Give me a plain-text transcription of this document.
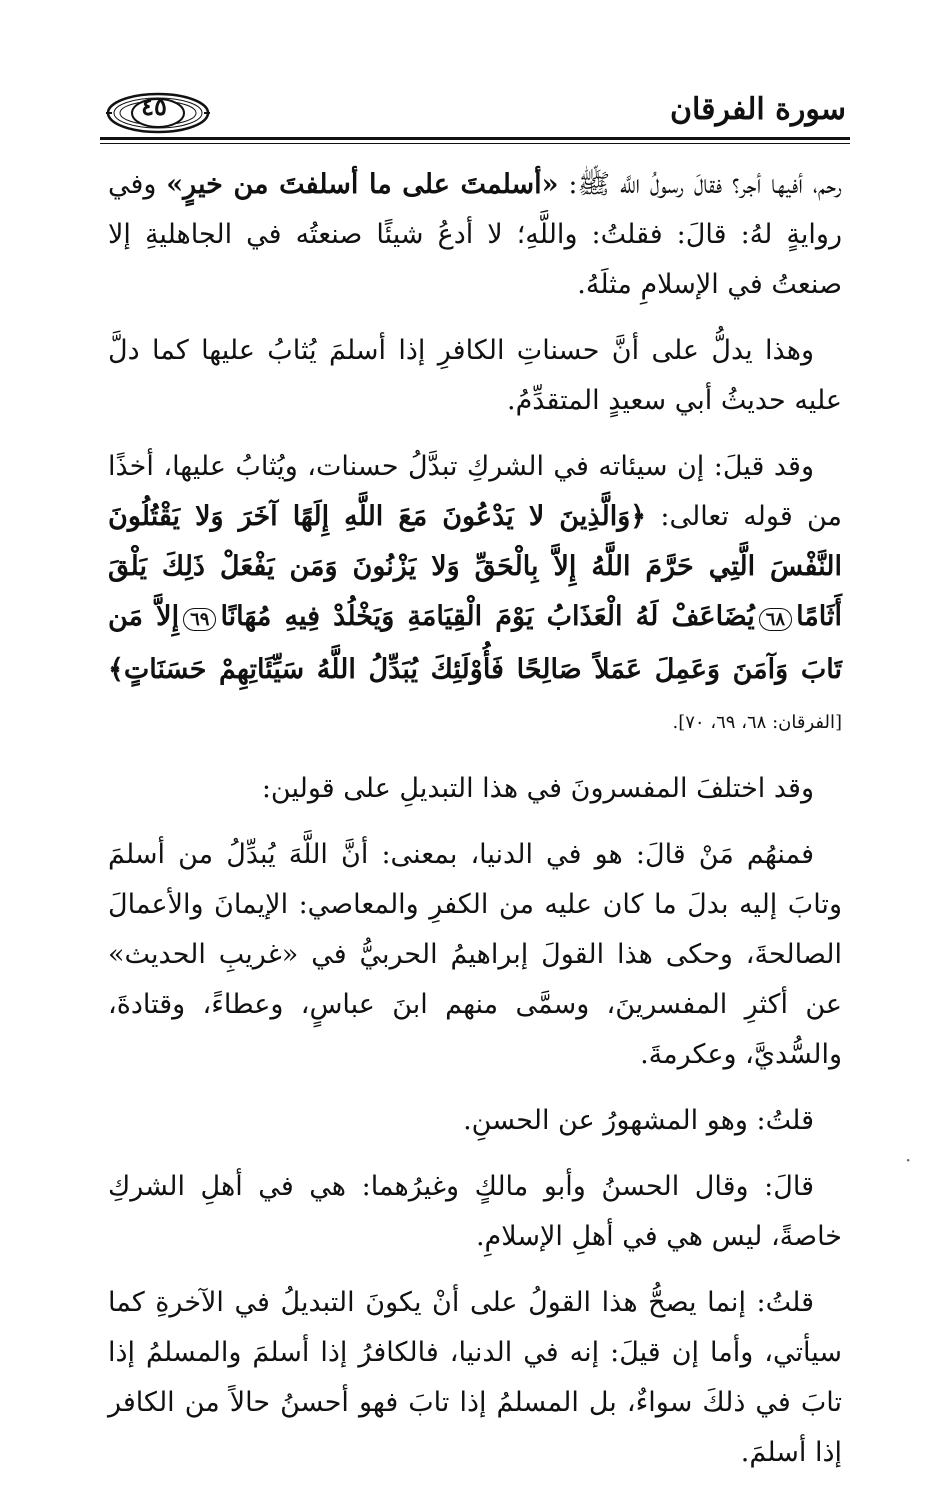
سورة الفرقان
٤٥

رحم، أفيها أجر؟ فقالَ رسولُ اللَّه ﷺ: «أسلمتَ على ما أسلفتَ من خيرٍ» وفي روايةٍ لهُ: قالَ: فقلتُ: واللَّهِ؛ لا أدعُ شيئًا صنعتُه في الجاهليةِ إلا صنعتُ في الإسلامِ مثلَهُ.

وهذا يدلُّ على أنَّ حسناتِ الكافرِ إذا أسلمَ يُثابُ عليها كما دلَّ عليه حديثُ أبي سعيدٍ المتقدِّمُ.

وقد قيلَ: إن سيئاته في الشركِ تبدَّلُ حسنات، ويُثابُ عليها، أخذًا من قوله تعالى: ﴿وَالَّذِينَ لا يَدْعُونَ مَعَ اللَّهِ إِلَهًا آخَرَ وَلا يَقْتُلُونَ النَّفْسَ الَّتِي حَرَّمَ اللَّهُ إِلاَّ بِالْحَقِّ وَلا يَزْنُونَ وَمَن يَفْعَلْ ذَلِكَ يَلْقَ أَثَامًا٦٨يُضَاعَفْ لَهُ الْعَذَابُ يَوْمَ الْقِيَامَةِ وَيَخْلُدْ فِيهِ مُهَانًا٦٩إِلاَّ مَن تَابَ وَآمَنَ وَعَمِلَ عَمَلاً صَالِحًا فَأُوْلَئِكَ يُبَدِّلُ اللَّهُ سَيِّئَاتِهِمْ حَسَنَاتٍ﴾ [الفرقان: ٦٨، ٦٩، ٧٠].

وقد اختلفَ المفسرونَ في هذا التبديلِ على قولين:

فمنهُم مَنْ قالَ: هو في الدنيا، بمعنى: أنَّ اللَّهَ يُبدِّلُ من أسلمَ وتابَ إليه بدلَ ما كان عليه من الكفرِ والمعاصي: الإيمانَ والأعمالَ الصالحةَ، وحكى هذا القولَ إبراهيمُ الحربيُّ في «غريبِ الحديث» عن أكثرِ المفسرينَ، وسمَّى منهم ابنَ عباسٍ، وعطاءً، وقتادةَ، والسُّديَّ، وعكرمةَ.

قلتُ: وهو المشهورُ عن الحسنِ.

قالَ: وقال الحسنُ وأبو مالكٍ وغيرُهما: هي في أهلِ الشركِ خاصةً، ليس هي في أهلِ الإسلامِ.

قلتُ: إنما يصحُّ هذا القولُ على أنْ يكونَ التبديلُ في الآخرةِ كما سيأتي، وأما إن قيلَ: إنه في الدنيا، فالكافرُ إذا أسلمَ والمسلمُ إذا تابَ في ذلكَ سواءٌ، بل المسلمُ إذا تابَ فهو أحسنُ حالاً من الكافر إذا أسلمَ.

·
